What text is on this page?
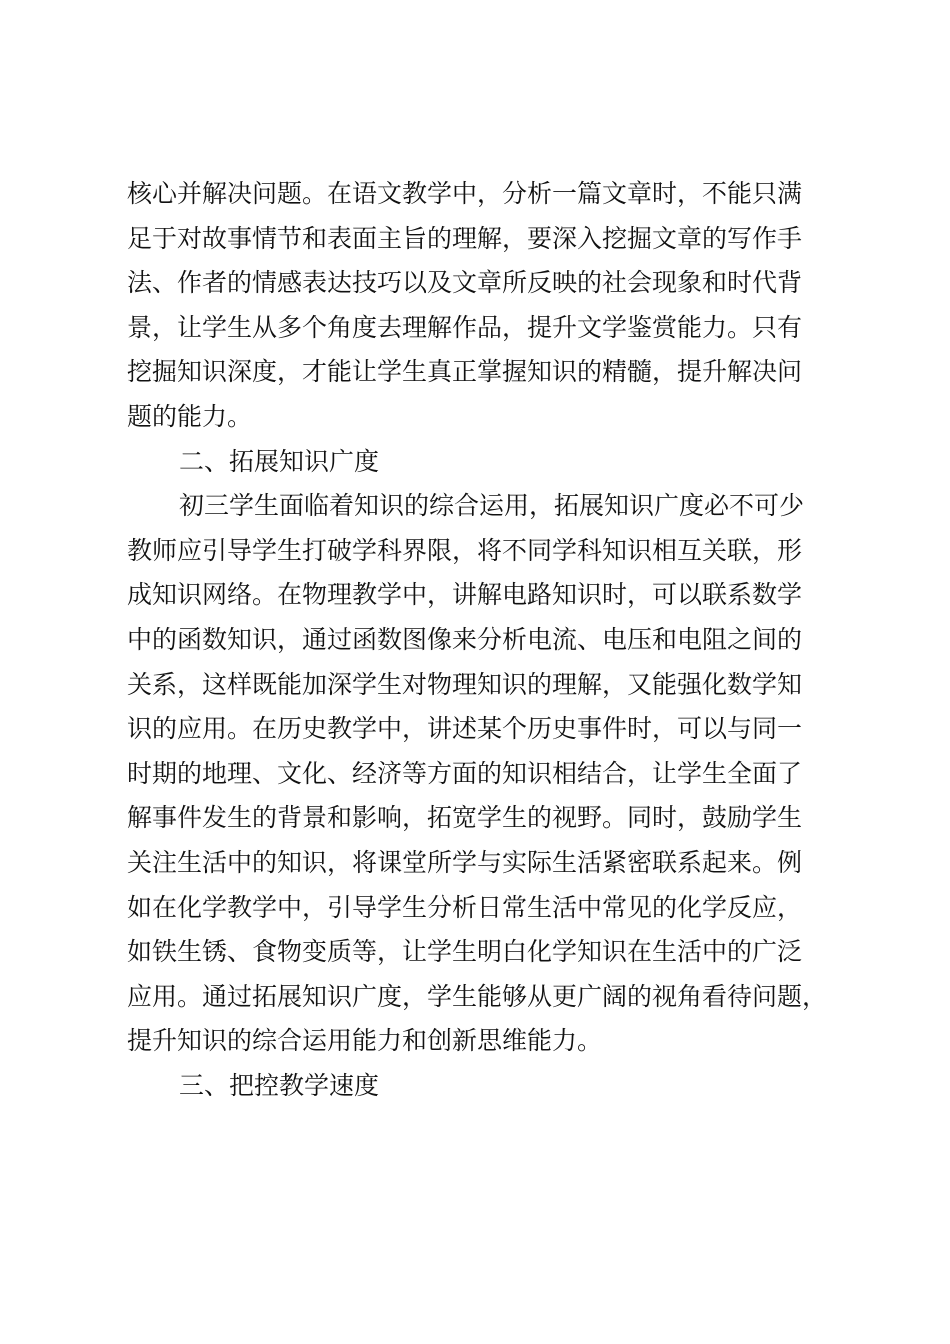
核心并解决问题。在语文教学中，分析一篇文章时，不能只满
足于对故事情节和表面主旨的理解，要深入挖掘文章的写作手
法、作者的情感表达技巧以及文章所反映的社会现象和时代背
景，让学生从多个角度去理解作品，提升文学鉴赏能力。只有
挖掘知识深度，才能让学生真正掌握知识的精髓，提升解决问
题的能力。
二、拓展知识广度
初三学生面临着知识的综合运用，拓展知识广度必不可少
教师应引导学生打破学科界限，将不同学科知识相互关联，形
成知识网络。在物理教学中，讲解电路知识时，可以联系数学
中的函数知识，通过函数图像来分析电流、电压和电阻之间的
关系，这样既能加深学生对物理知识的理解，又能强化数学知
识的应用。在历史教学中，讲述某个历史事件时，可以与同一
时期的地理、文化、经济等方面的知识相结合，让学生全面了
解事件发生的背景和影响，拓宽学生的视野。同时，鼓励学生
关注生活中的知识，将课堂所学与实际生活紧密联系起来。例
如在化学教学中，引导学生分析日常生活中常见的化学反应，
如铁生锈、食物变质等，让学生明白化学知识在生活中的广泛
应用。通过拓展知识广度，学生能够从更广阔的视角看待问题，
提升知识的综合运用能力和创新思维能力。
三、把控教学速度
